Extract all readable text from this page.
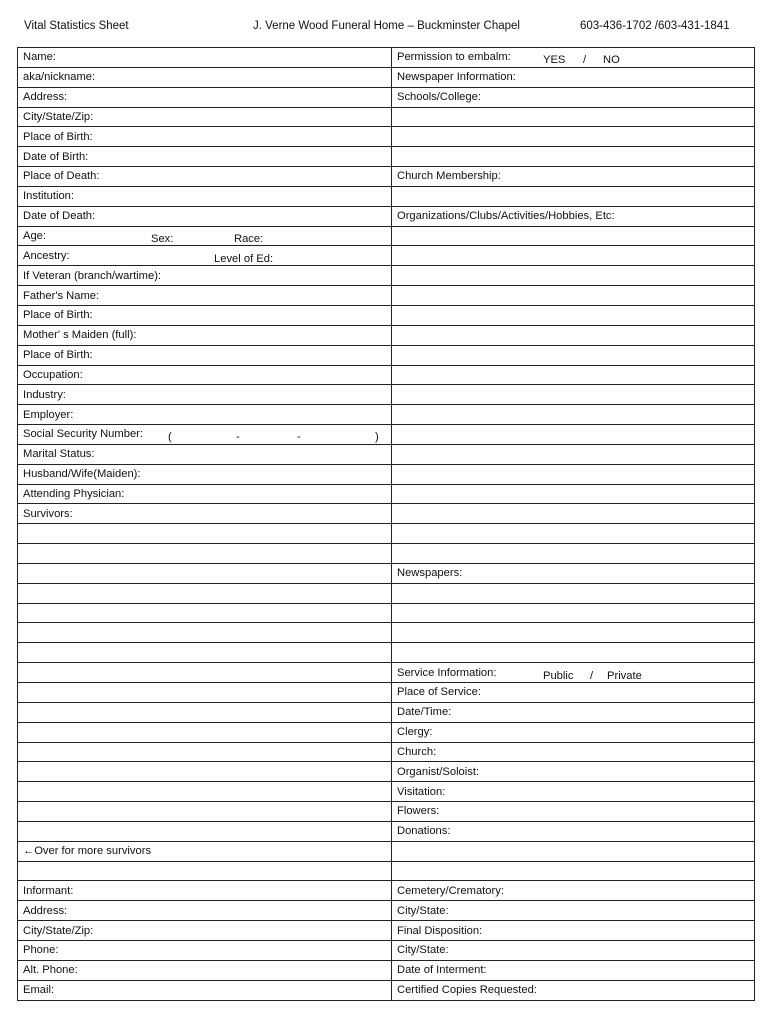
Vital Statistics Sheet	J. Verne Wood Funeral Home – Buckminster Chapel	603-436-1702 /603-431-1841
Name:	Permission to embalm: YES / NO

aka/nickname:	Newspaper Information:
Address:	Schools/College:
City/State/Zip:	
Place of Birth:	
Date of Birth:	
Place of Death:	Church Membership:
Institution:	
Date of Death:	Organizations/Clubs/Activities/Hobbies, Etc:
Age: Sex: Race:	

Ancestry: Level of Ed:	

If Veteran (branch/wartime):	
Father's Name:	
Place of Birth:	
Mother' s Maiden (full):	
Place of Birth:	
Occupation:	
Industry:	
Employer:	
Social Security Number: ( - - )	

Marital Status:	
Husband/Wife(Maiden):	
Attending Physician:	
Survivors:	

	Newspapers:

	Service Information: Public / Private

	Place of Service:
	Date/Time:
	Clergy:
	Church:
	Organist/Soloist:
	Visitation:
	Flowers:
	Donations:
←Over for more survivors	

Informant:	Cemetery/Crematory:
Address:	City/State:
City/State/Zip:	Final Disposition:
Phone:	City/State:
Alt. Phone:	Date of Interment:
Email:	Certified Copies Requested:
